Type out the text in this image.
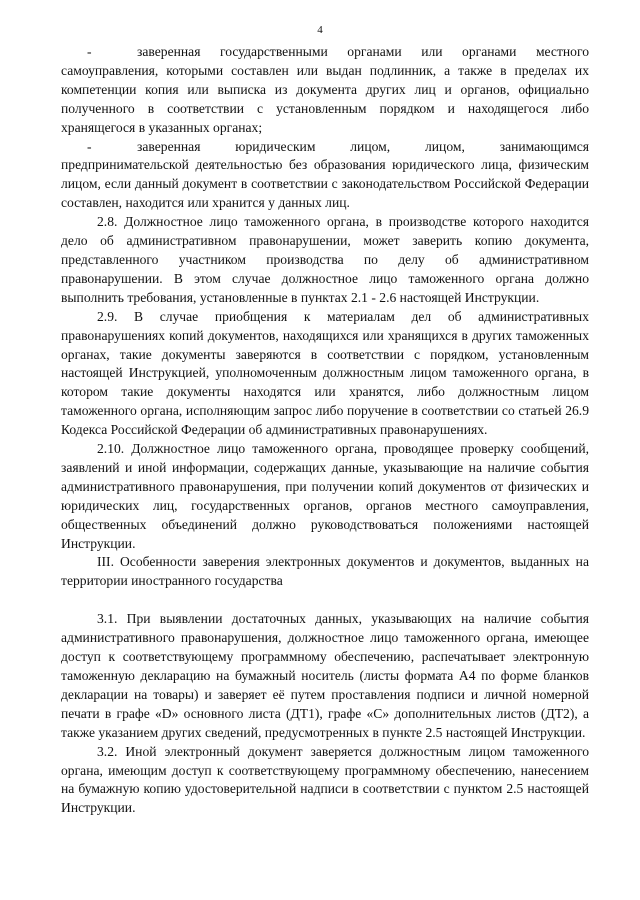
4

-	заверенная государственными органами или органами местного самоуправления, которыми составлен или выдан подлинник, а также в пределах их компетенции копия или выписка из документа других лиц и органов, официально полученного в соответствии с установленным порядком и находящегося либо хранящегося в указанных органах;

-	заверенная юридическим лицом, лицом, занимающимся предпринимательской деятельностью без образования юридического лица, физическим лицом, если данный документ в соответствии с законодательством Российской Федерации составлен, находится или хранится у данных лиц.

2.8. Должностное лицо таможенного органа, в производстве которого находится дело об административном правонарушении, может заверить копию документа, представленного участником производства по делу об административном правонарушении. В этом случае должностное лицо таможенного органа должно выполнить требования, установленные в пунктах 2.1 - 2.6 настоящей Инструкции.

2.9. В случае приобщения к материалам дел об административных правонарушениях копий документов, находящихся или хранящихся в других таможенных органах, такие документы заверяются в соответствии с порядком, установленным настоящей Инструкцией, уполномоченным должностным лицом таможенного органа, в котором такие документы находятся или хранятся, либо должностным лицом таможенного органа, исполняющим запрос либо поручение в соответствии со статьей 26.9 Кодекса Российской Федерации об административных правонарушениях.

2.10. Должностное лицо таможенного органа, проводящее проверку сообщений, заявлений и иной информации, содержащих данные, указывающие на наличие события административного правонарушения, при получении копий документов от физических и юридических лиц, государственных органов, органов местного самоуправления, общественных объединений должно руководствоваться положениями настоящей Инструкции.

III. Особенности заверения электронных документов и документов, выданных на территории иностранного государства

3.1. При выявлении достаточных данных, указывающих на наличие события административного правонарушения, должностное лицо таможенного органа, имеющее доступ к соответствующему программному обеспечению, распечатывает электронную таможенную декларацию на бумажный носитель (листы формата А4 по форме бланков декларации на товары) и заверяет её путем проставления подписи и личной номерной печати в графе «D» основного листа (ДТ1), графе «С» дополнительных листов (ДТ2), а также указанием других сведений, предусмотренных в пункте 2.5 настоящей Инструкции.

3.2. Иной электронный документ заверяется должностным лицом таможенного органа, имеющим доступ к соответствующему программному обеспечению, нанесением на бумажную копию удостоверительной надписи в соответствии с пунктом 2.5 настоящей Инструкции.
